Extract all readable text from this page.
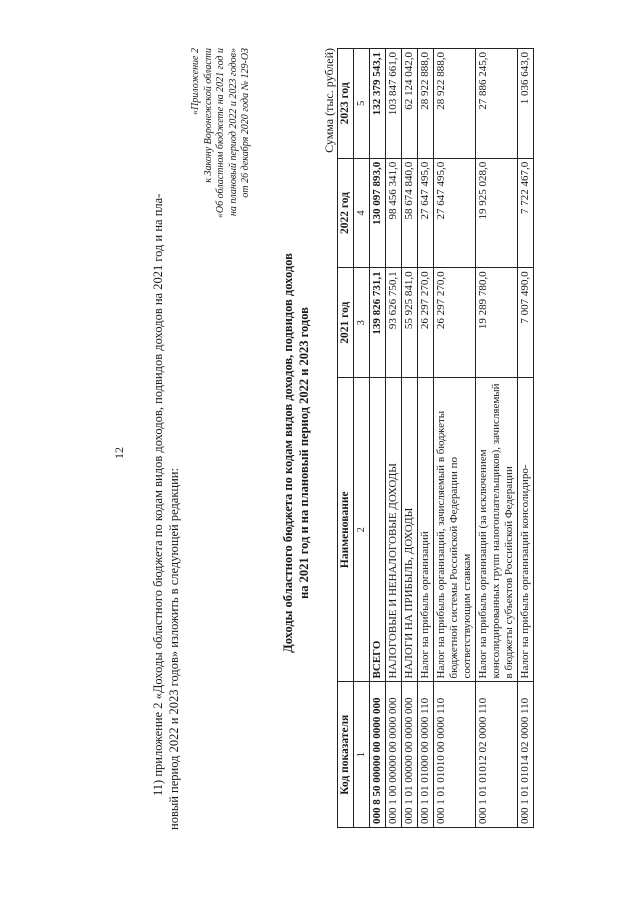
12 11) приложение 2 «Доходы областного бюджета по кодам видов доходов, подвидов доходов на 2021 год и на пла- новый период 2022 и 2023 годов» изложить в следующей редакции:
«Приложение 2 к Закону Воронежской области «Об областном бюджете на 2021 год и на плановый период 2022 и 2023 годов» от 26 декабря 2020 года № 129-ОЗ
Доходы областного бюджета по кодам видов доходов, подвидов доходов на 2021 год и на плановый период 2022 и 2023 годов
Сумма (тыс. рублей)
Код показателя	Наименование	2021 год	2022 год	2023 год
1	2	3	4	5
000 8 50 00000 00 0000 000	ВСЕГО	139 826 731,1	130 097 893,0	132 379 543,1
000 1 00 00000 00 0000 000	НАЛОГОВЫЕ И НЕНАЛОГОВЫЕ ДОХОДЫ	93 626 750,1	98 456 341,0	103 847 661,0
000 1 01 00000 00 0000 000	НАЛОГИ НА ПРИБЫЛЬ, ДОХОДЫ	55 925 841,0	58 674 840,0	62 124 042,0
000 1 01 01000 00 0000 110	Налог на прибыль организаций	26 297 270,0	27 647 495,0	28 922 888,0
000 1 01 01010 00 0000 110	Налог на прибыль организаций, зачисляемый в бюджеты бюджетной системы Российской Федерации по соответствующим ставкам	26 297 270,0	27 647 495,0	28 922 888,0
000 1 01 01012 02 0000 110	Налог на прибыль организаций (за исключением консолидированных групп налогоплательщиков), зачисляемый в бюджеты субъектов Российской Федерации	19 289 780,0	19 925 028,0	27 886 245,0
000 1 01 01014 02 0000 110	Налог на прибыль организаций консолидиро-	7 007 490,0	7 722 467,0	1 036 643,0
